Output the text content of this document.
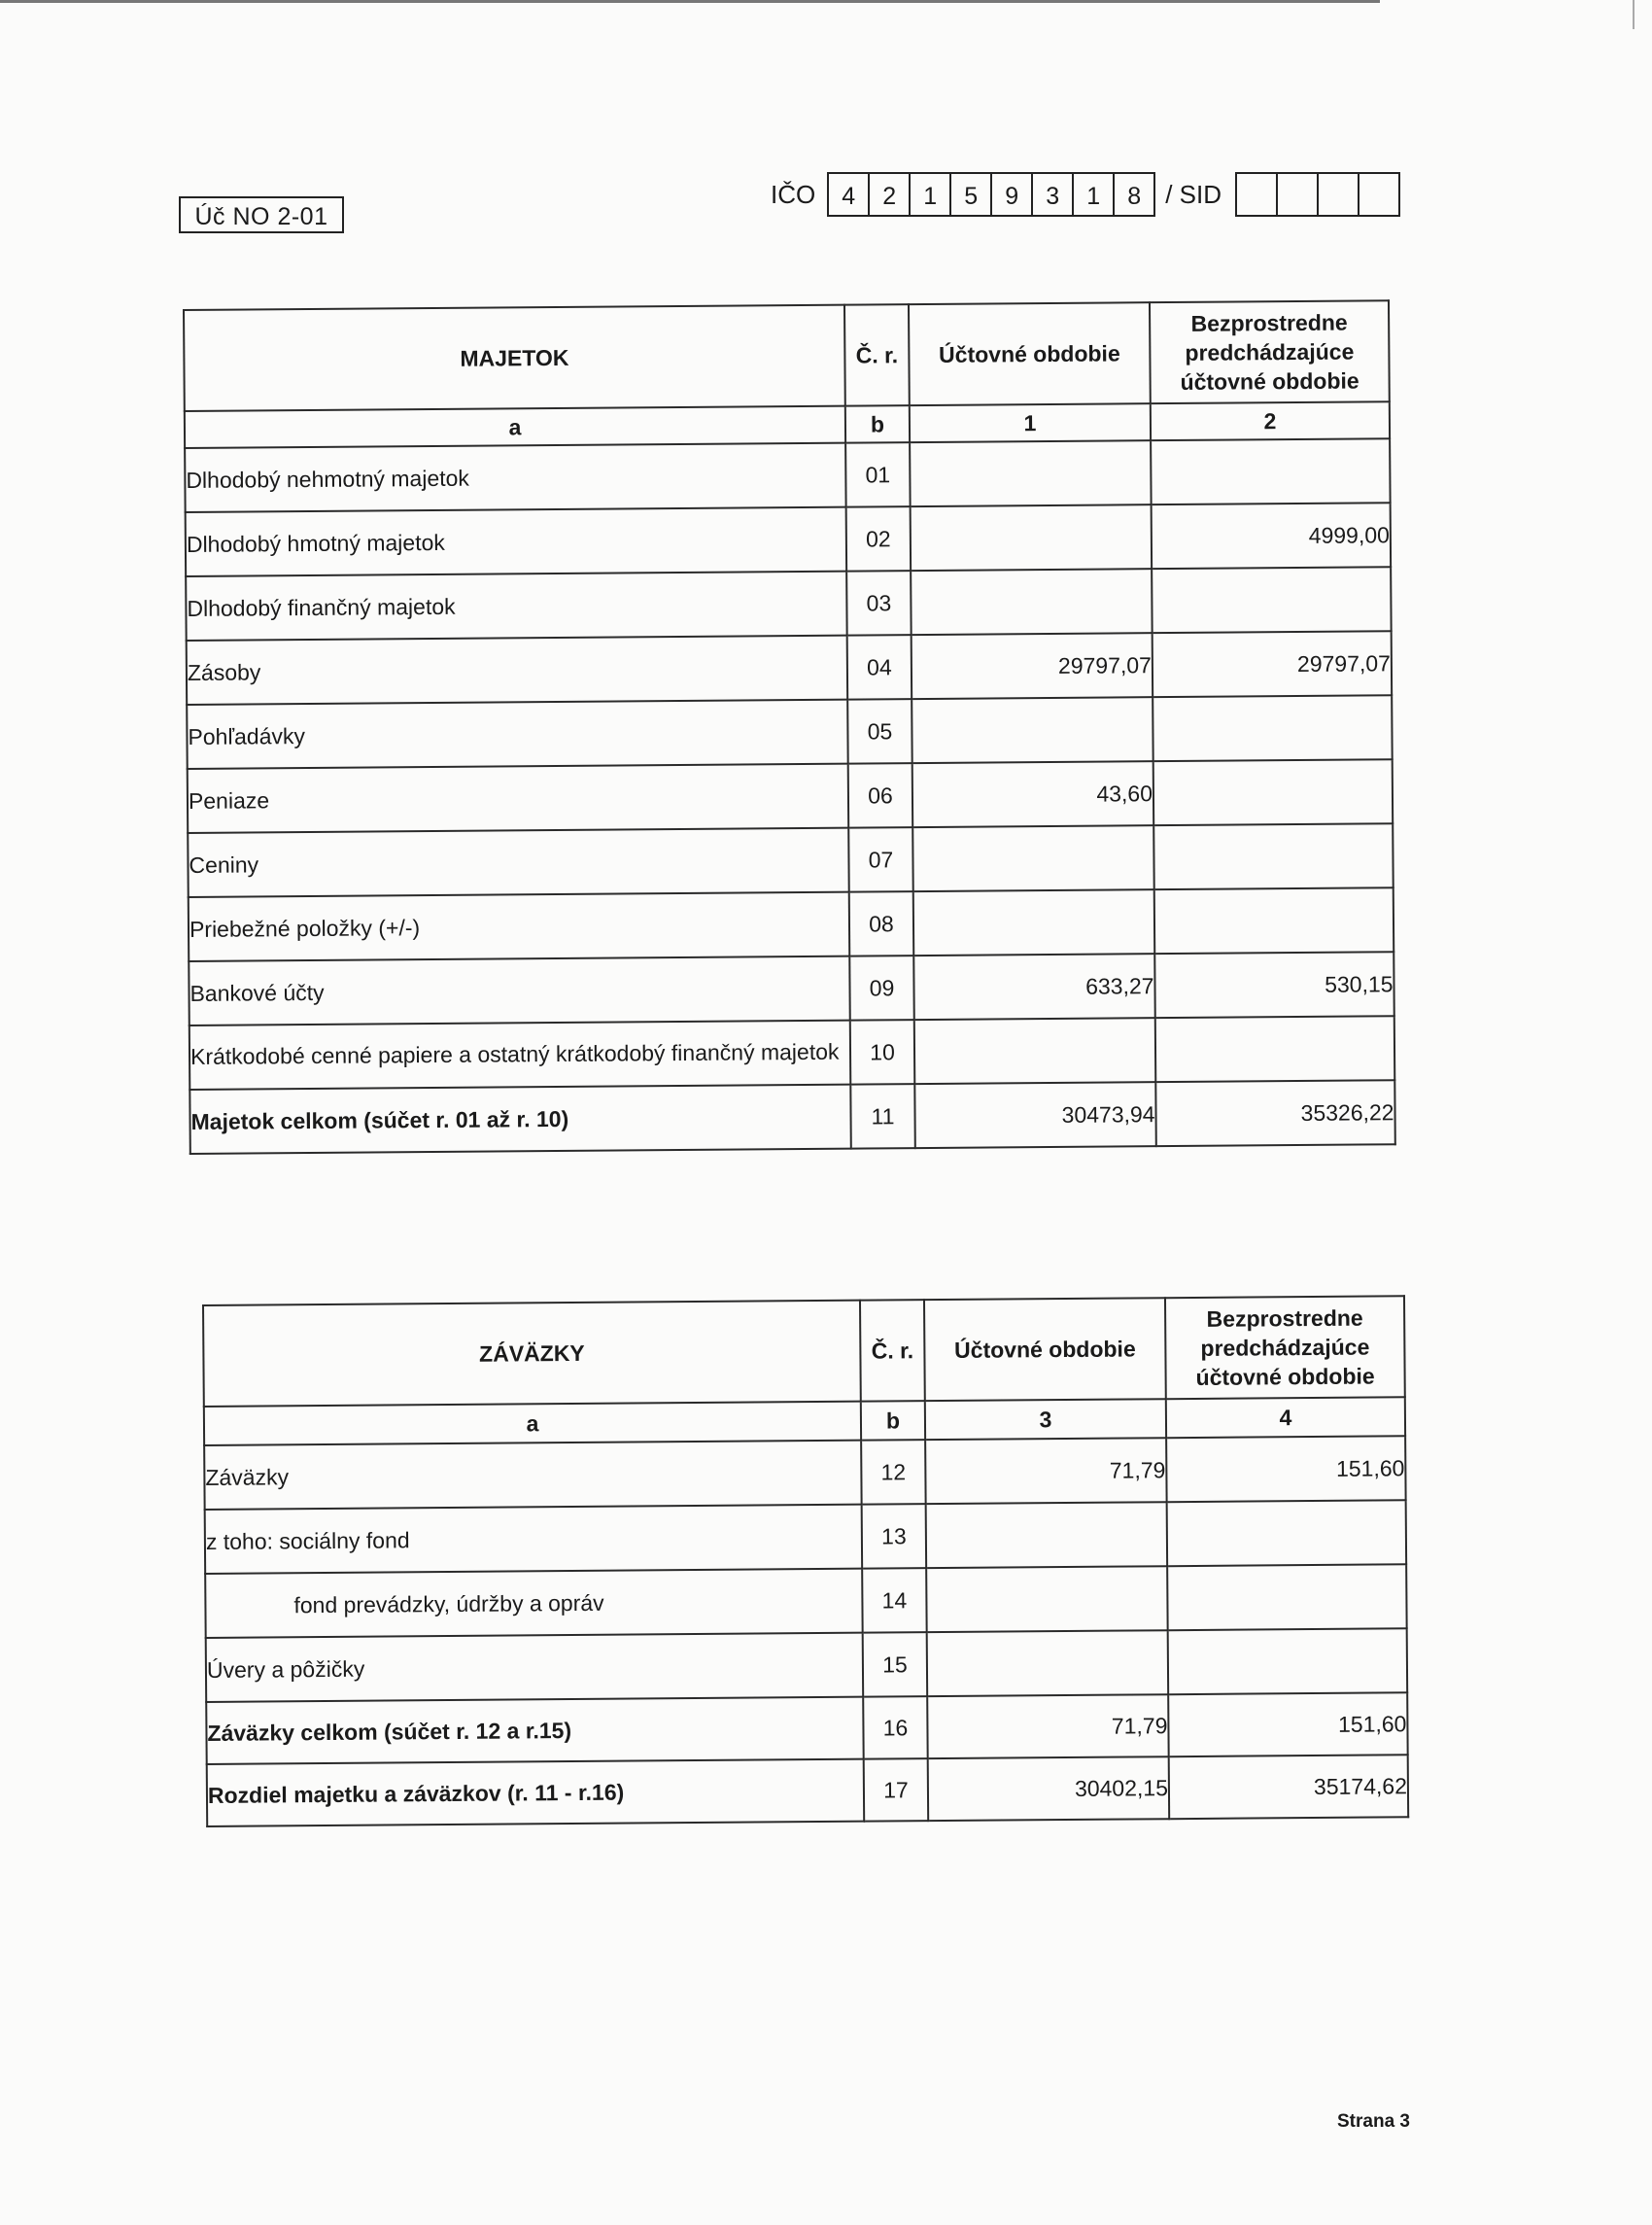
Úč NO 2-01
IČO	4	2	1	5	9	3	1	8 / SID
MAJETOK	Č. r.	Účtovné obdobie	Bezprostredne predchádzajúce účtovné obdobie
a	b	1	2
Dlhodobý nehmotný majetok	01		
Dlhodobý hmotný majetok	02		4999,00
Dlhodobý finančný majetok	03		
Zásoby	04	29797,07	29797,07
Pohľadávky	05		
Peniaze	06	43,60	
Ceniny	07		
Priebežné položky (+/-)	08		
Bankové účty	09	633,27	530,15
Krátkodobé cenné papiere a ostatný krátkodobý finančný majetok	10		
Majetok celkom (súčet r. 01 až r. 10)	11	30473,94	35326,22
ZÁVÄZKY	Č. r.	Účtovné obdobie	Bezprostredne predchádzajúce účtovné obdobie
a	b	3	4
Záväzky	12	71,79	151,60
z toho: sociálny fond	13		
fond prevádzky, údržby a opráv	14		
Úvery a pôžičky	15		
Záväzky celkom (súčet r. 12 a r.15)	16	71,79	151,60
Rozdiel majetku a záväzkov (r. 11 - r.16)	17	30402,15	35174,62
Strana 3
